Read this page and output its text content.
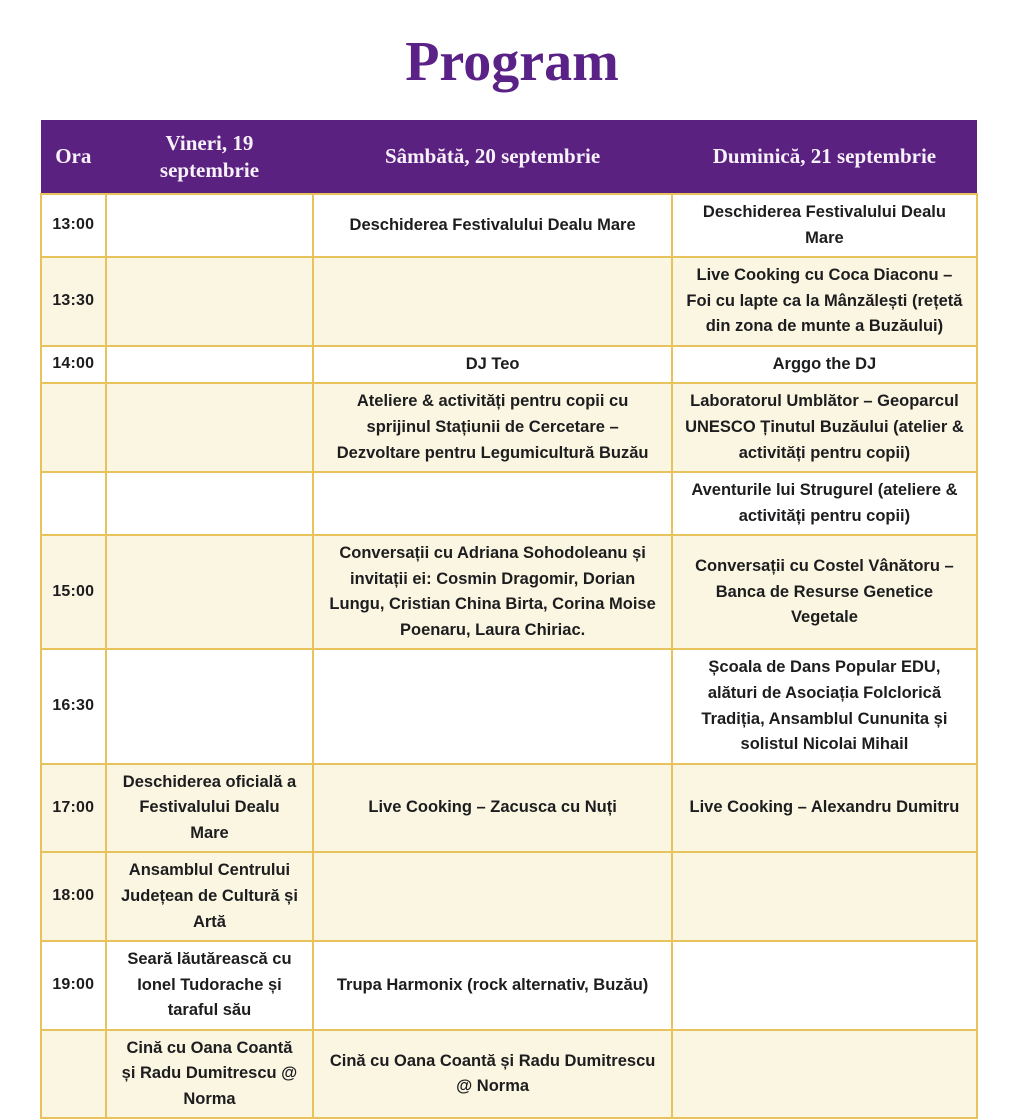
Program
Ora	Vineri, 19 septembrie	Sâmbătă, 20 septembrie	Duminică, 21 septembrie
13:00		Deschiderea Festivalului Dealu Mare	Deschiderea Festivalului Dealu Mare
13:30			Live Cooking cu Coca Diaconu – Foi cu lapte ca la Mânzălești (rețetă din zona de munte a Buzăului)
14:00		DJ Teo	Arggo the DJ
		Ateliere & activități pentru copii cu sprijinul Stațiunii de Cercetare – Dezvoltare pentru Legumicultură Buzău	Laboratorul Umblător – Geoparcul UNESCO Ținutul Buzăului (atelier & activități pentru copii)
			Aventurile lui Strugurel (ateliere & activități pentru copii)
15:00		Conversații cu Adriana Sohodoleanu și invitații ei: Cosmin Dragomir, Dorian Lungu, Cristian China Birta, Corina Moise Poenaru, Laura Chiriac.	Conversații cu Costel Vânătoru – Banca de Resurse Genetice Vegetale
16:30			Școala de Dans Popular EDU, alături de Asociația Folclorică Tradiția, Ansamblul Cununita și solistul Nicolai Mihail
17:00	Deschiderea oficială a Festivalului Dealu Mare	Live Cooking – Zacusca cu Nuți	Live Cooking – Alexandru Dumitru
18:00	Ansamblul Centrului Județean de Cultură și Artă		
19:00	Seară lăutărească cu Ionel Tudorache și taraful său	Trupa Harmonix (rock alternativ, Buzău)	
	Cină cu Oana Coantă și Radu Dumitrescu @ Norma	Cină cu Oana Coantă și Radu Dumitrescu @ Norma	
